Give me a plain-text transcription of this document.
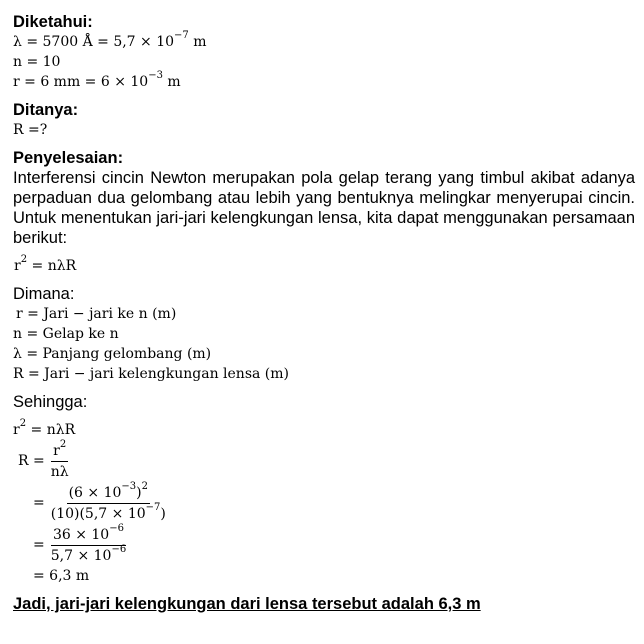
Diketahui:
λ = 5700 Å = $5,7 \times 10^{-7}$ m
n = 10
r = 6 mm = $6 \times 10^{-3}$ m
Ditanya:
R =?
Penyelesaian:
Interferensi cincin Newton merupakan pola gelap terang yang timbul akibat adanya perpaduan dua gelombang atau lebih yang bentuknya melingkar menyerupai cincin. Untuk menentukan jari-jari kelengkungan lensa, kita dapat menggunakan persamaan berikut:
$r^2 = n\lambda R$
Dimana:
r = Jari − jari ke n (m)
n = Gelap ke n
λ = Panjang gelombang (m)
R = Jari − jari kelengkungan lensa (m)
Sehingga:
$r^2 = n\lambda R$
$R = \frac{r^2}{n\lambda}$
= $\frac{(6 \times 10^{-3})^2}{(10)(5,7 \times 10^{-7})}$
= $\frac{36 \times 10^{-6}}{5,7 \times 10^{-6}}$
= 6,3 m
Jadi, jari-jari kelengkungan dari lensa tersebut adalah 6,3 m
